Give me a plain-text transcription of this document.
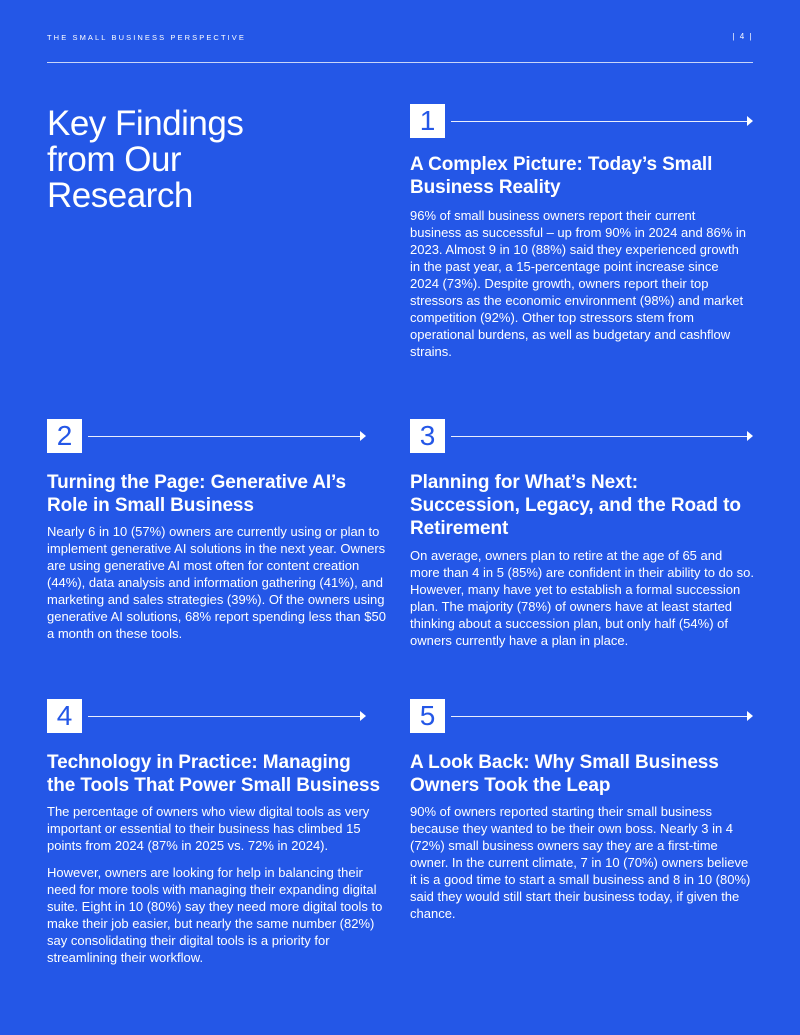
THE SMALL BUSINESS PERSPECTIVE	| 4 |
Key Findings
from Our
Research
1
A Complex Picture: Today’s Small Business Reality

96% of small business owners report their current business as successful – up from 90% in 2024 and 86% in 2023. Almost 9 in 10 (88%) said they experienced growth in the past year, a 15-percentage point increase since 2024 (73%). Despite growth, owners report their top stressors as the economic environment (98%) and market competition (92%). Other top stressors stem from operational burdens, as well as budgetary and cashflow strains.

2
Turning the Page: Generative AI’s Role in Small Business

Nearly 6 in 10 (57%) owners are currently using or plan to implement generative AI solutions in the next year. Owners are using generative AI most often for content creation (44%), data analysis and information gathering (41%), and marketing and sales strategies (39%). Of the owners using generative AI solutions, 68% report spending less than $50 a month on these tools.

3
Planning for What’s Next: Succession, Legacy, and the Road to Retirement

On average, owners plan to retire at the age of 65 and more than 4 in 5 (85%) are confident in their ability to do so. However, many have yet to establish a formal succession plan. The majority (78%) of owners have at least started thinking about a succession plan, but only half (54%) of owners currently have a plan in place.

4
Technology in Practice: Managing the Tools That Power Small Business

The percentage of owners who view digital tools as very important or essential to their business has climbed 15 points from 2024 (87% in 2025 vs. 72% in 2024).

However, owners are looking for help in balancing their need for more tools with managing their expanding digital suite. Eight in 10 (80%) say they need more digital tools to make their job easier, but nearly the same number (82%) say consolidating their digital tools is a priority for streamlining their workflow.

5
A Look Back: Why Small Business Owners Took the Leap

90% of owners reported starting their small business because they wanted to be their own boss. Nearly 3 in 4 (72%) small business owners say they are a first-time owner. In the current climate, 7 in 10 (70%) owners believe it is a good time to start a small business and 8 in 10 (80%) said they would still start their business today, if given the chance.
